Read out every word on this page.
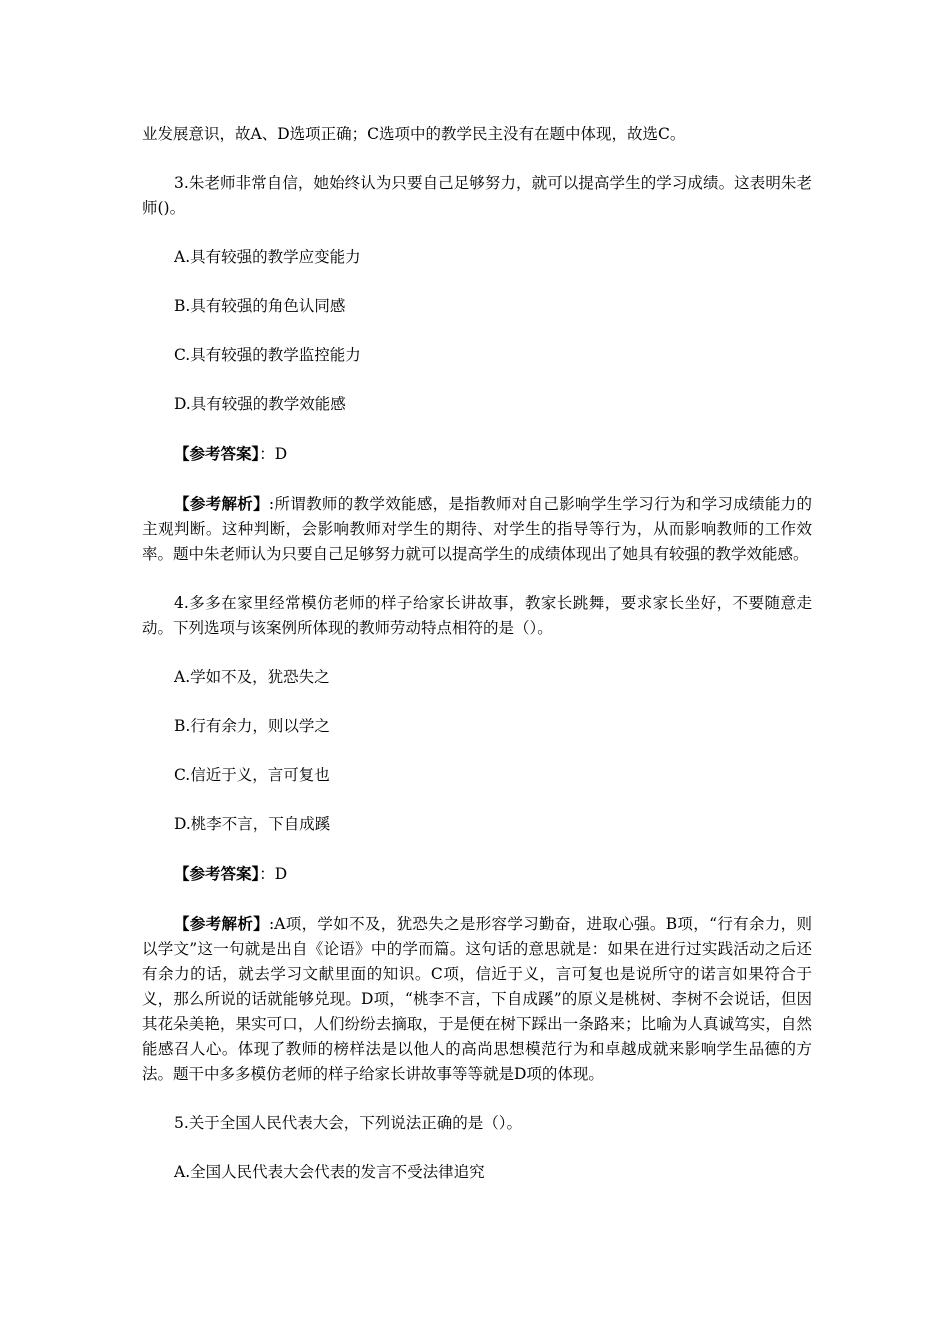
业发展意识，故A、D选项正确；C选项中的教学民主没有在题中体现，故选C。

3.朱老师非常自信，她始终认为只要自己足够努力，就可以提高学生的学习成绩。这表明朱老师()。

A.具有较强的教学应变能力

B.具有较强的角色认同感

C.具有较强的教学监控能力

D.具有较强的教学效能感

【参考答案】：D

【参考解析】:所谓教师的教学效能感，是指教师对自己影响学生学习行为和学习成绩能力的主观判断。这种判断，会影响教师对学生的期待、对学生的指导等行为，从而影响教师的工作效率。题中朱老师认为只要自己足够努力就可以提高学生的成绩体现出了她具有较强的教学效能感。

4.多多在家里经常模仿老师的样子给家长讲故事，教家长跳舞，要求家长坐好，不要随意走动。下列选项与该案例所体现的教师劳动特点相符的是（）。

A.学如不及，犹恐失之

B.行有余力，则以学之

C.信近于义，言可复也

D.桃李不言，下自成蹊

【参考答案】：D

【参考解析】:A项，学如不及，犹恐失之是形容学习勤奋，进取心强。B项，“行有余力，则以学文”这一句就是出自《论语》中的学而篇。这句话的意思就是：如果在进行过实践活动之后还有余力的话，就去学习文献里面的知识。C项，信近于义，言可复也是说所守的诺言如果符合于义，那么所说的话就能够兑现。D项，“桃李不言，下自成蹊”的原义是桃树、李树不会说话，但因其花朵美艳，果实可口，人们纷纷去摘取，于是便在树下踩出一条路来；比喻为人真诚笃实，自然能感召人心。体现了教师的榜样法是以他人的高尚思想模范行为和卓越成就来影响学生品德的方法。题干中多多模仿老师的样子给家长讲故事等等就是D项的体现。

5.关于全国人民代表大会，下列说法正确的是（）。

A.全国人民代表大会代表的发言不受法律追究
